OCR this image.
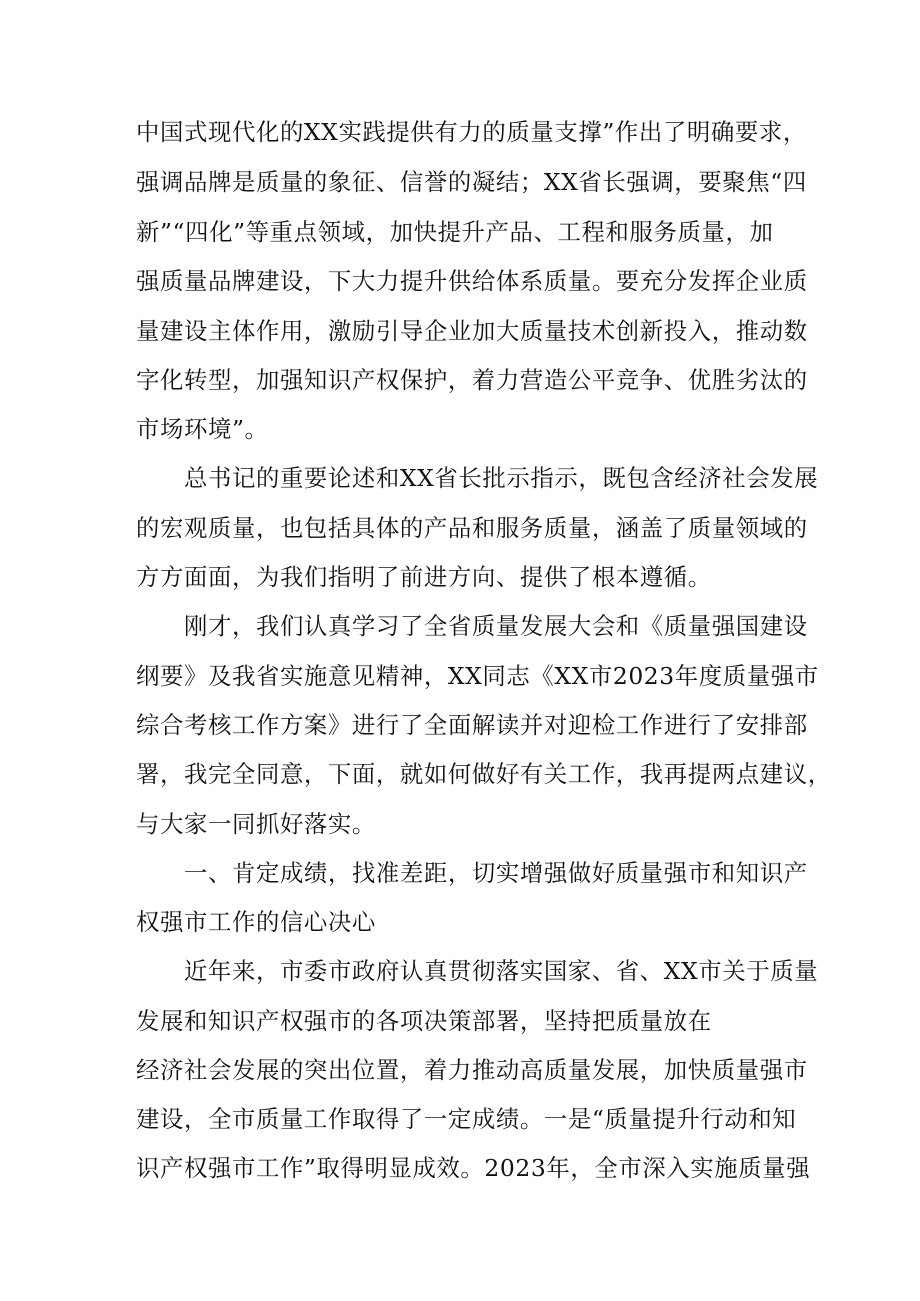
中国式现代化的XX实践提供有力的质量支撑”作出了明确要求，
强调品牌是质量的象征、信誉的凝结；XX省长强调，要聚焦“四
新”“四化”等重点领域，加快提升产品、工程和服务质量，加
强质量品牌建设，下大力提升供给体系质量。要充分发挥企业质
量建设主体作用，激励引导企业加大质量技术创新投入，推动数
字化转型，加强知识产权保护，着力营造公平竞争、优胜劣汰的
市场环境”。
　　总书记的重要论述和XX省长批示指示，既包含经济社会发展
的宏观质量，也包括具体的产品和服务质量，涵盖了质量领域的
方方面面，为我们指明了前进方向、提供了根本遵循。
　　刚才，我们认真学习了全省质量发展大会和《质量强国建设
纲要》及我省实施意见精神，XX同志《XX市2023年度质量强市
综合考核工作方案》进行了全面解读并对迎检工作进行了安排部
署，我完全同意，下面，就如何做好有关工作，我再提两点建议，
与大家一同抓好落实。
　　一、肯定成绩，找准差距，切实增强做好质量强市和知识产
权强市工作的信心决心
　　近年来，市委市政府认真贯彻落实国家、省、XX市关于质量
发展和知识产权强市的各项决策部署，坚持把质量放在
经济社会发展的突出位置，着力推动高质量发展，加快质量强市
建设，全市质量工作取得了一定成绩。一是“质量提升行动和知
识产权强市工作”取得明显成效。2023年，全市深入实施质量强
